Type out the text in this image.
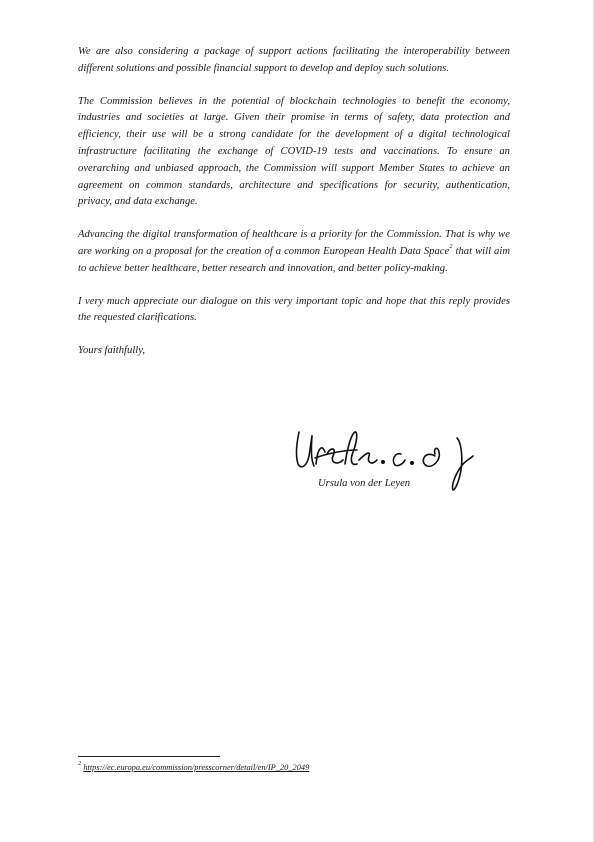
We are also considering a package of support actions facilitating the interoperability between different solutions and possible financial support to develop and deploy such solutions.

The Commission believes in the potential of blockchain technologies to benefit the economy, industries and societies at large. Given their promise in terms of safety, data protection and efficiency, their use will be a strong candidate for the development of a digital technological infrastructure facilitating the exchange of COVID-19 tests and vaccinations. To ensure an overarching and unbiased approach, the Commission will support Member States to achieve an agreement on common standards, architecture and specifications for security, authentication, privacy, and data exchange.

Advancing the digital transformation of healthcare is a priority for the Commission. That is why we are working on a proposal for the creation of a common European Health Data Space$^2$ that will aim to achieve better healthcare, better research and innovation, and better policy-making.

I very much appreciate our dialogue on this very important topic and hope that this reply provides the requested clarifications.

Yours faithfully,

Ursula von der Leyen
$^2$ https://ec.europa.eu/commission/presscorner/detail/en/IP_20_2049
